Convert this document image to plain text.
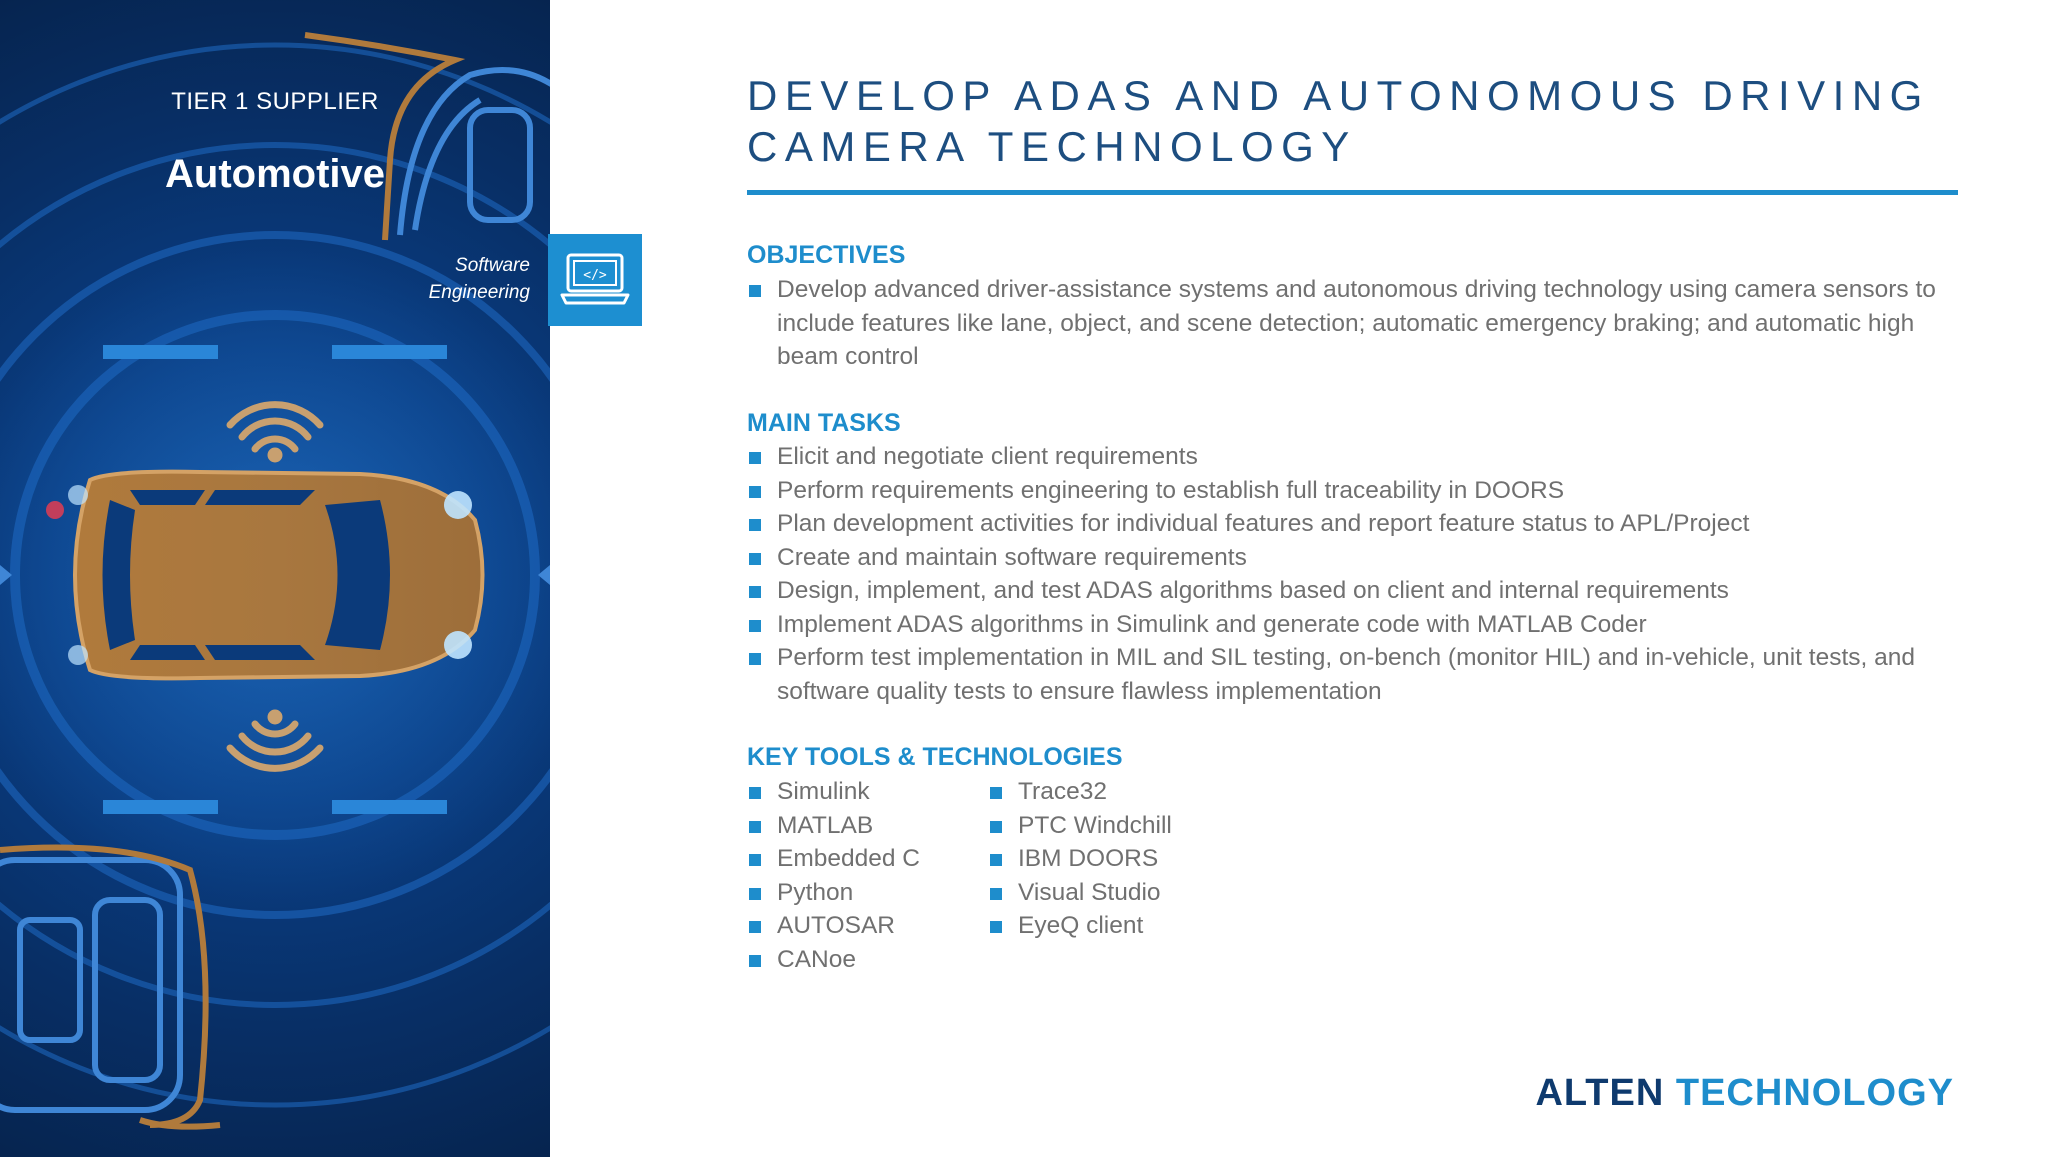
TIER 1 SUPPLIER
Automotive
Software
Engineering
</>
DEVELOP ADAS AND AUTONOMOUS DRIVING CAMERA TECHNOLOGY
OBJECTIVES
Develop advanced driver-assistance systems and autonomous driving technology using camera sensors to include features like lane, object, and scene detection; automatic emergency braking; and automatic high beam control
MAIN TASKS
Elicit and negotiate client requirements
Perform requirements engineering to establish full traceability in DOORS
Plan development activities for individual features and report feature status to APL/Project
Create and maintain software requirements
Design, implement, and test ADAS algorithms based on client and internal requirements
Implement ADAS algorithms in Simulink and generate code with MATLAB Coder
Perform test implementation in MIL and SIL testing, on-bench (monitor HIL) and in-vehicle, unit tests, and software quality tests to ensure flawless implementation
KEY TOOLS & TECHNOLOGIES
Simulink
MATLAB
Embedded C
Python
AUTOSAR
CANoe
Trace32
PTC Windchill
IBM DOORS
Visual Studio
EyeQ client
ALTEN TECHNOLOGY
